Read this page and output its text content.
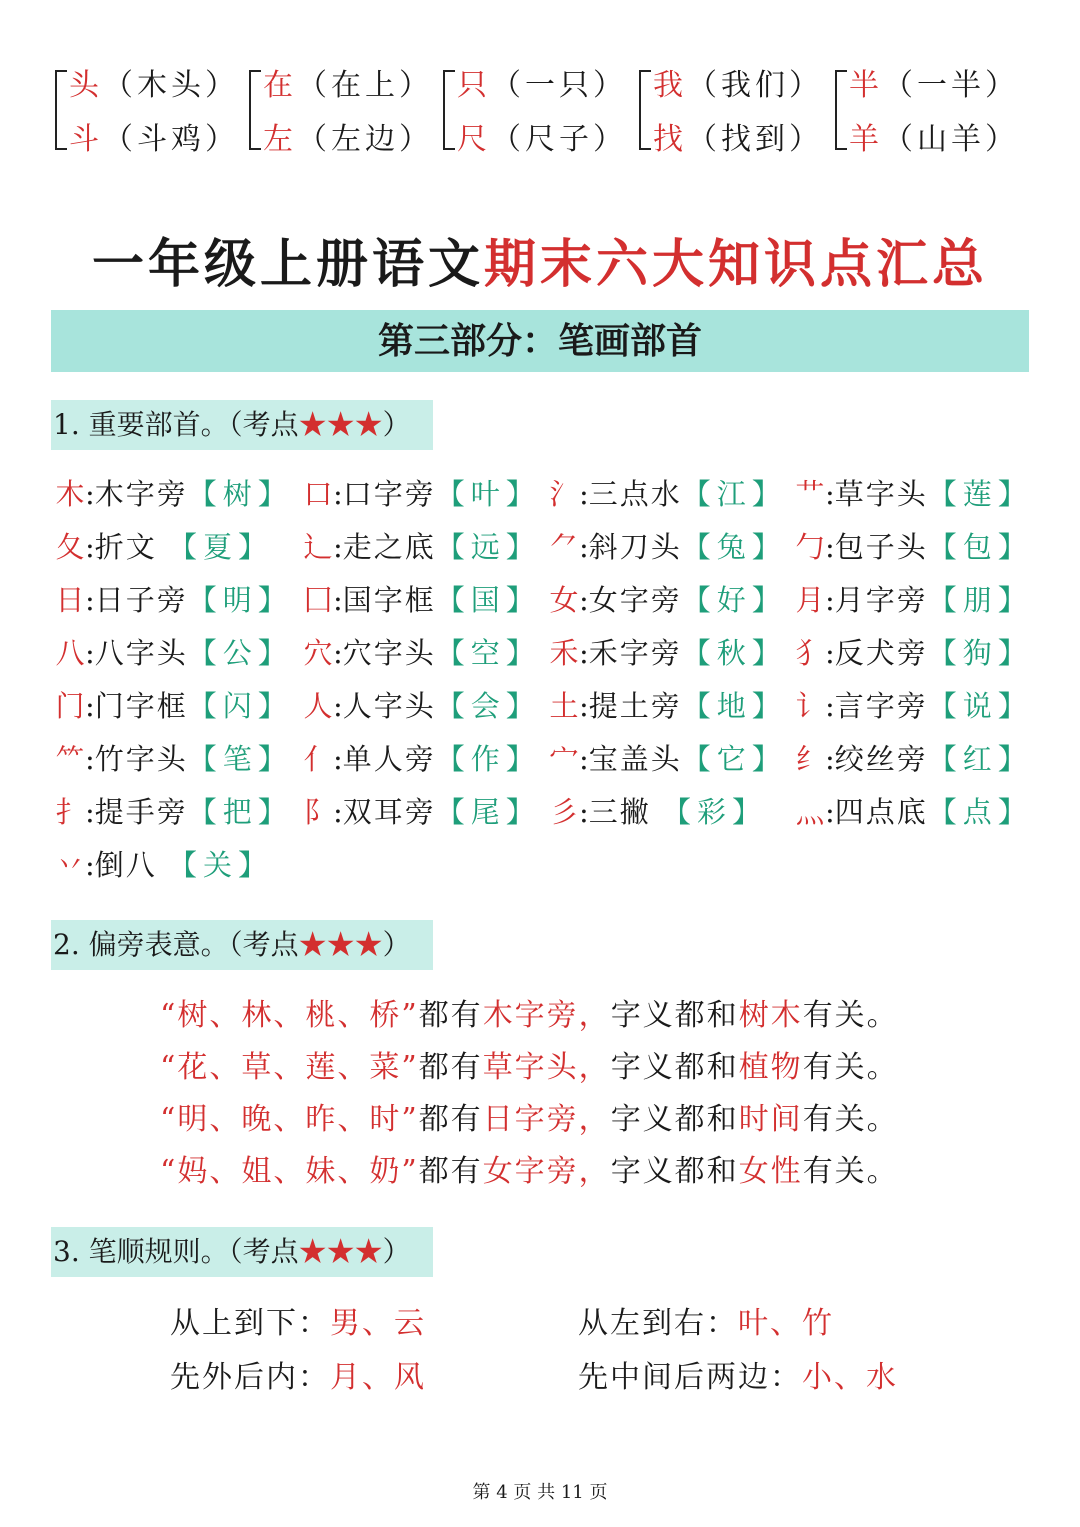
头（木头）
斗（斗鸡）
在（在上）
左（左边）
只（一只）
尺（尺子）
我（我们）
找（找到）
半（一半）
羊（山羊）
一年级上册语文期末六大知识点汇总
第三部分：笔画部首
1. 重要部首。（考点★★★）
木:木字旁【树】 口:口字旁【叶】 氵:三点水【江】 艹:草字头【莲】
夂:折文 【夏】	辶:走之底【远】 ⺈:斜刀头【兔】 勹:包子头【包】
日:日子旁【明】 囗:国字框【国】 女:女字旁【好】 月:月字旁【朋】
八:八字头【公】 穴:穴字头【空】 禾:禾字旁【秋】 犭:反犬旁【狗】
门:门字框【闪】 人:人字头【会】 土:提土旁【地】 讠:言字旁【说】
⺮:竹字头【笔】 亻:单人旁【作】 宀:宝盖头【它】 纟:绞丝旁【红】
扌:提手旁【把】 阝:双耳旁【尾】 彡:三撇 【彩】 灬:四点底【点】
丷:倒八 【关】
2. 偏旁表意。（考点★★★）
“树、林、桃、桥”都有木字旁，字义都和树木有关。
“花、草、莲、菜”都有草字头，字义都和植物有关。
“明、晚、昨、时”都有日字旁，字义都和时间有关。
“妈、姐、妹、奶”都有女字旁，字义都和女性有关。
3. 笔顺规则。（考点★★★）
从上到下：男、云	从左到右：叶、竹
先外后内：月、风	先中间后两边：小、水
第 4 页 共 11 页
